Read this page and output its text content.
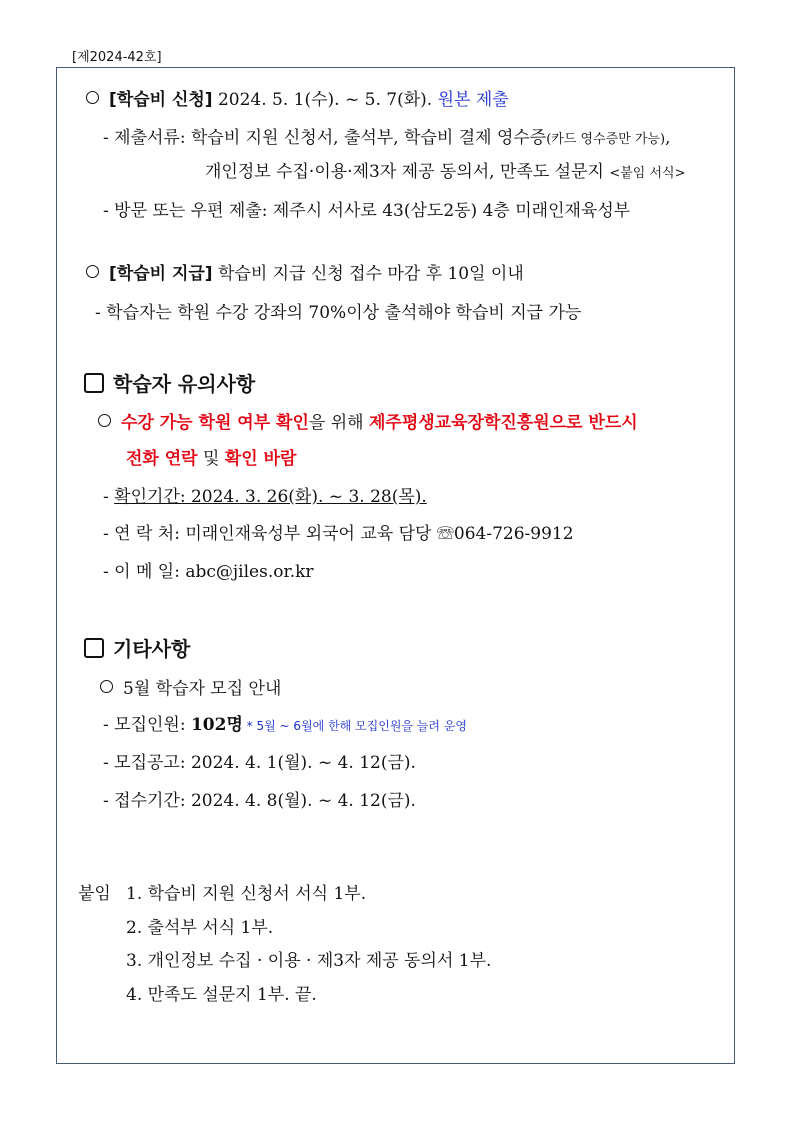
[제2024-42호]
[학습비 신청] 2024. 5. 1(수). ~ 5. 7(화). 원본 제출
- 제출서류: 학습비 지원 신청서, 출석부, 학습비 결제 영수증(카드 영수증만 가능),
개인정보 수집·이용·제3자 제공 동의서, 만족도 설문지 <붙임 서식>
- 방문 또는 우편 제출: 제주시 서사로 43(삼도2동) 4층 미래인재육성부
[학습비 지급] 학습비 지급 신청 접수 마감 후 10일 이내
- 학습자는 학원 수강 강좌의 70%이상 출석해야 학습비 지급 가능
학습자 유의사항
수강 가능 학원 여부 확인을 위해 제주평생교육장학진흥원으로 반드시
전화 연락 및 확인 바람
- 확인기간: 2024. 3. 26(화). ~ 3. 28(목).
- 연 락 처: 미래인재육성부 외국어 교육 담당 ☏064-726-9912
- 이 메 일: abc@jiles.or.kr
기타사항
5월 학습자 모집 안내
- 모집인원: 102명 * 5월 ~ 6월에 한해 모집인원을 늘려 운영
- 모집공고: 2024. 4. 1(월). ~ 4. 12(금).
- 접수기간: 2024. 4. 8(월). ~ 4. 12(금).
붙임 1. 학습비 지원 신청서 서식 1부.
2. 출석부 서식 1부.
3. 개인정보 수집 · 이용 · 제3자 제공 동의서 1부.
4. 만족도 설문지 1부. 끝.
